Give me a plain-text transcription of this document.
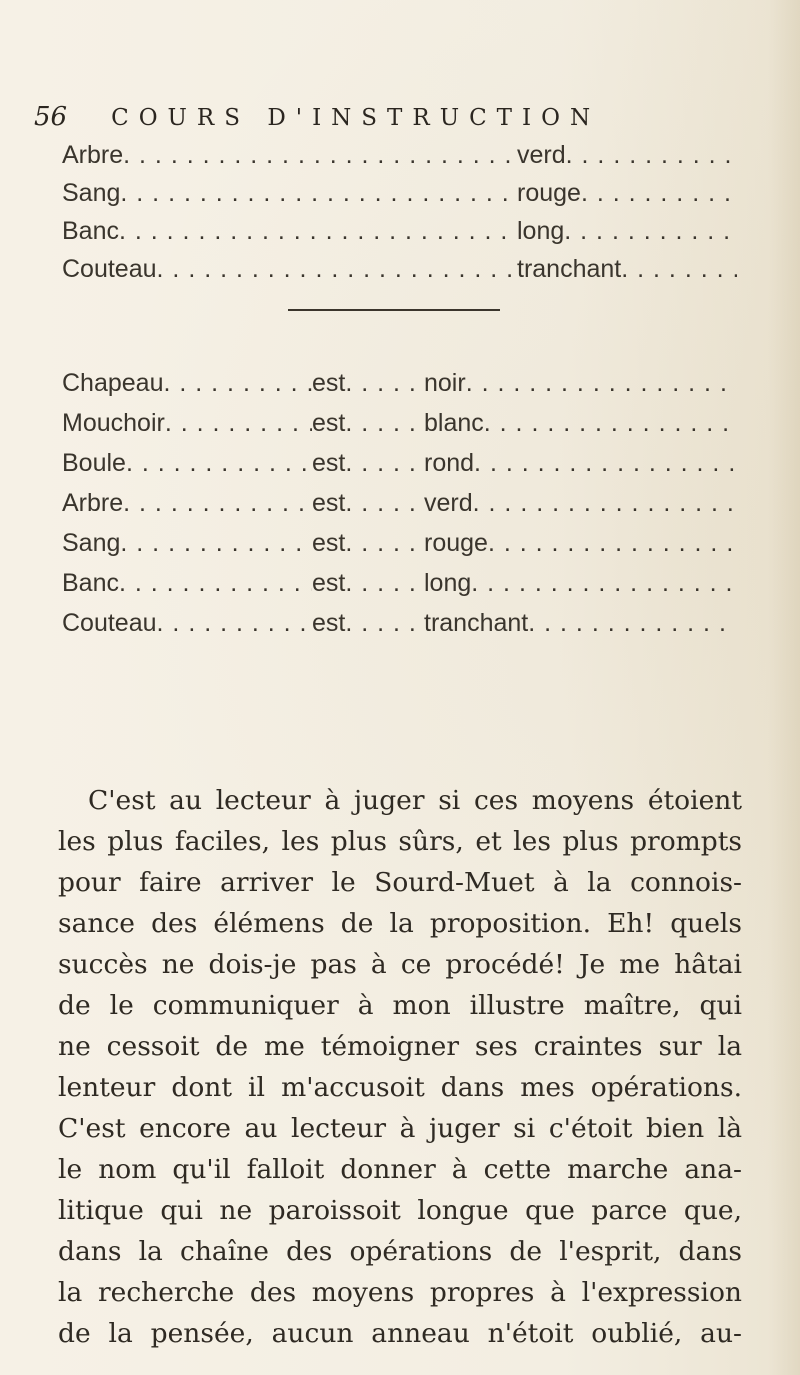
56 COURS D'INSTRUCTION
Arbre . . .	verd
. . .
Sang . . .	rouge
. . .
Banc . . .	long
. . .
Couteau . . .	tranchant
. . .
Chapeau . . .	est . . .	noir
. . .
Mouchoir . . .	est . . .	blanc
. . .
Boule . . .	est . . .	rond
. . .
Arbre . . .	est . . .	verd
. . .
Sang . . .	est . . .	rouge
. . .
Banc . . .	est . . .	long
. . .
Couteau . . .	est . . .	tranchant
. . .
C'est au lecteur à juger si ces moyens étoient
les plus faciles, les plus sûrs, et les plus prompts
pour faire arriver le Sourd-Muet à la connois-
sance des élémens de la proposition. Eh! quels
succès ne dois-je pas à ce procédé! Je me hâtai
de le communiquer à mon illustre maître, qui
ne cessoit de me témoigner ses craintes sur la
lenteur dont il m'accusoit dans mes opérations.
C'est encore au lecteur à juger si c'étoit bien là
le nom qu'il falloit donner à cette marche ana-
litique qui ne paroissoit longue que parce que,
dans la chaîne des opérations de l'esprit, dans
la recherche des moyens propres à l'expression
de la pensée, aucun anneau n'étoit oublié, au-
